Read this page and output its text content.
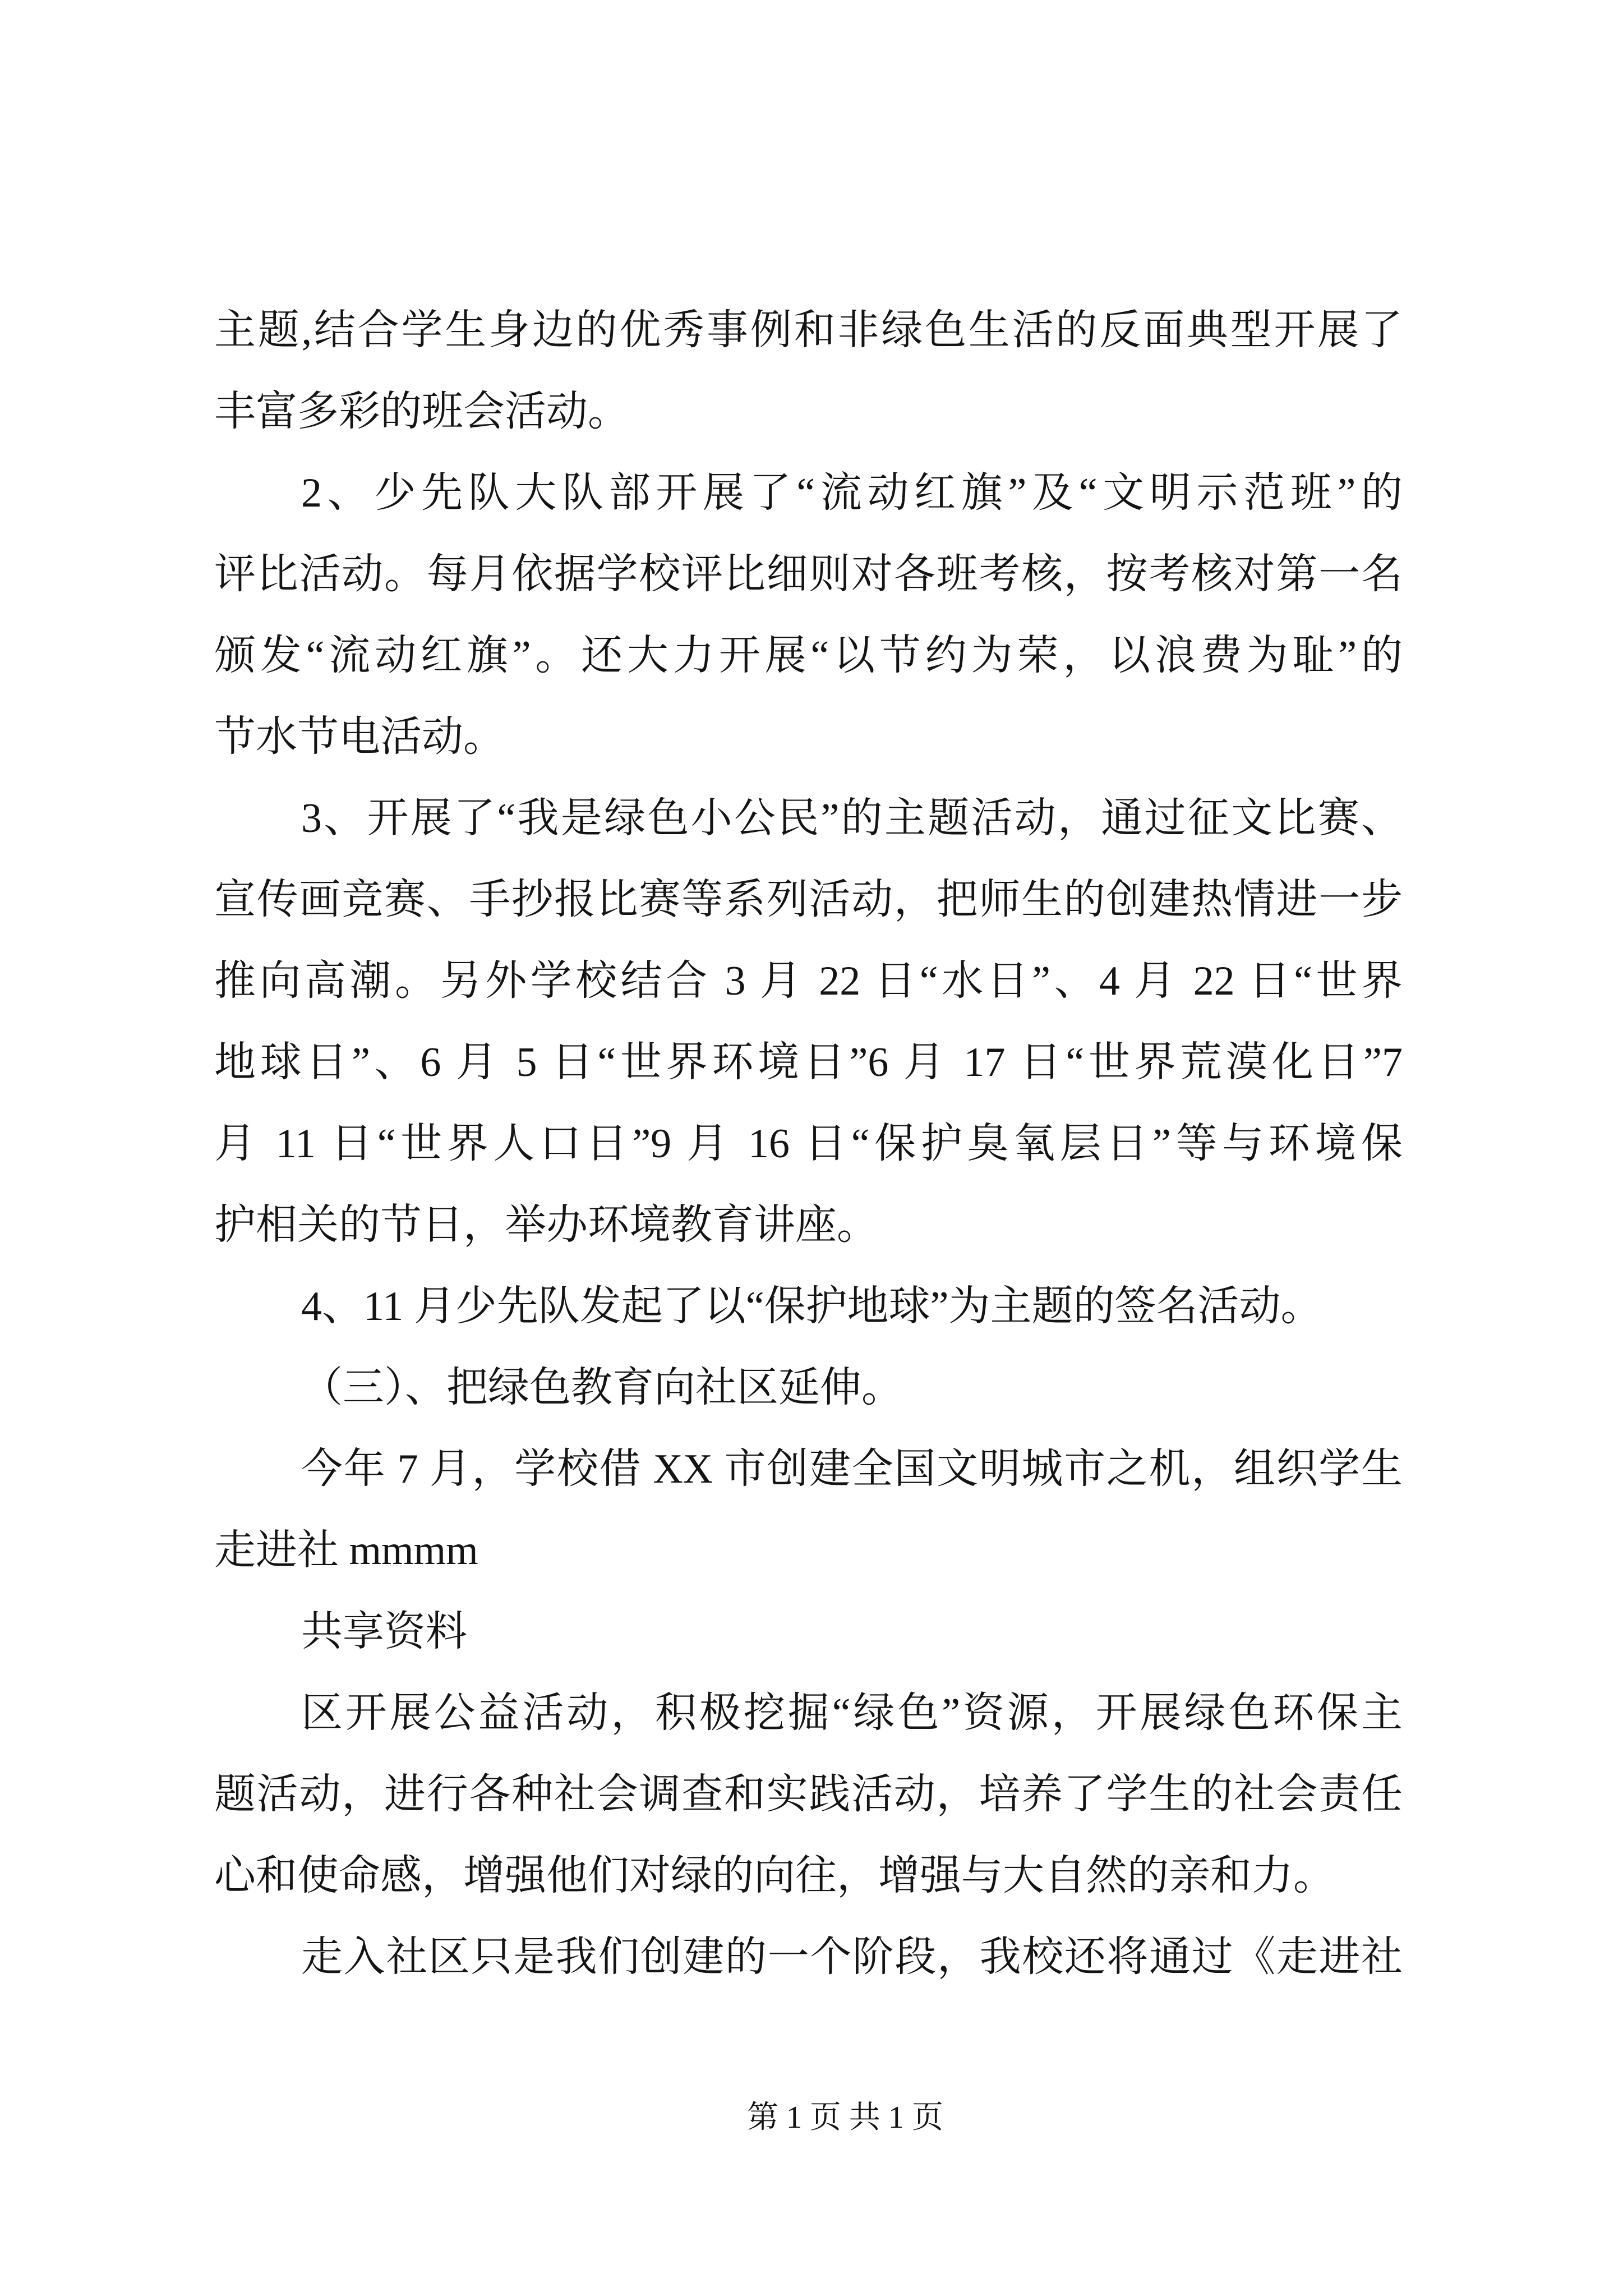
主题,结合学生身边的优秀事例和非绿色生活的反面典型开展了
丰富多彩的班会活动。
2、少先队大队部开展了“流动红旗”及“文明示范班”的
评比活动。每月依据学校评比细则对各班考核，按考核对第一名
颁发“流动红旗”。还大力开展“以节约为荣，以浪费为耻”的
节水节电活动。
3、开展了“我是绿色小公民”的主题活动，通过征文比赛、
宣传画竞赛、手抄报比赛等系列活动，把师生的创建热情进一步
推向高潮。另外学校结合 3 月 22 日“水日”、4 月 22 日“世界
地球日”、6 月 5 日“世界环境日”6 月 17 日“世界荒漠化日”7
月 11 日“世界人口日”9 月 16 日“保护臭氧层日”等与环境保
护相关的节日，举办环境教育讲座。
4、11 月少先队发起了以“保护地球”为主题的签名活动。
（三）、把绿色教育向社区延伸。
今年 7 月，学校借 XX 市创建全国文明城市之机，组织学生
走进社 mmmm
共享资料
区开展公益活动，积极挖掘“绿色”资源，开展绿色环保主
题活动，进行各种社会调查和实践活动，培养了学生的社会责任
心和使命感，增强他们对绿的向往，增强与大自然的亲和力。
走入社区只是我们创建的一个阶段，我校还将通过《走进社
第 1 页 共 1 页
